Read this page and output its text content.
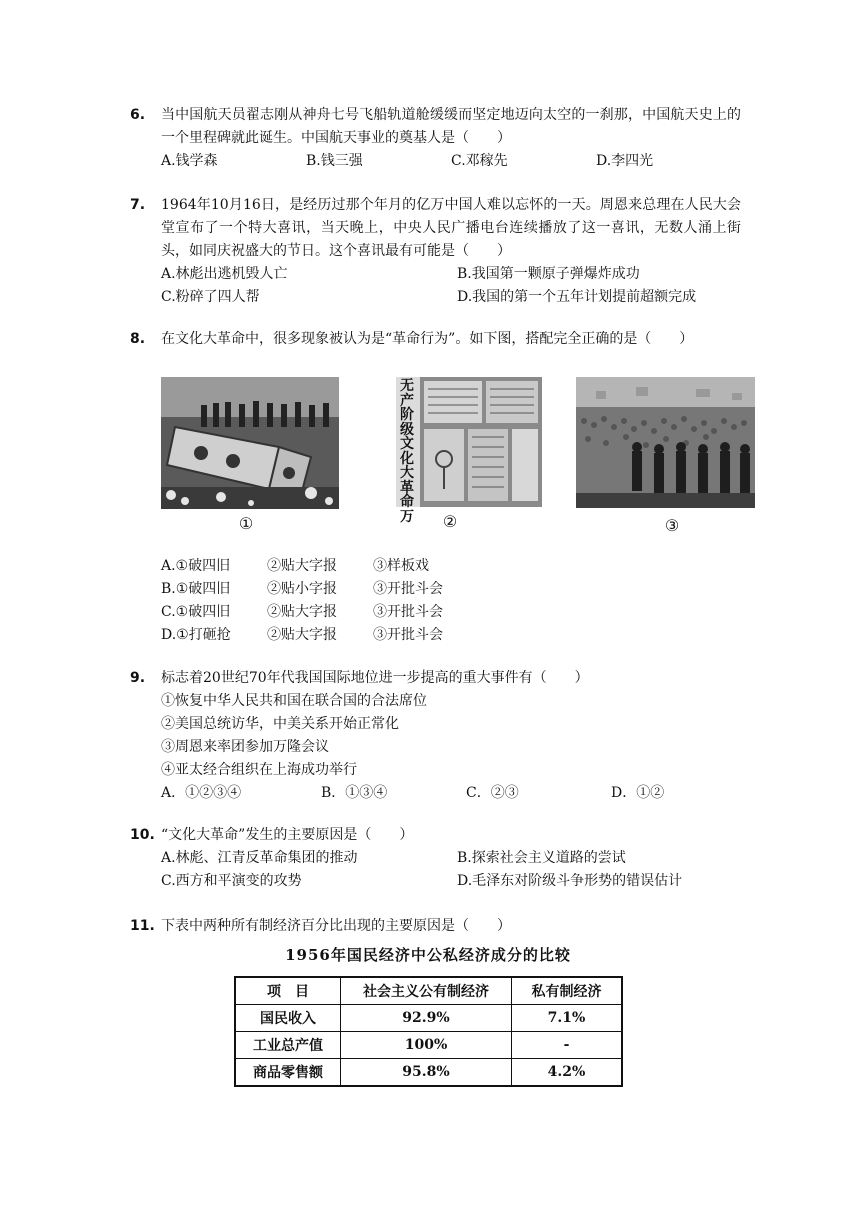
6. 当中国航天员翟志刚从神舟七号飞船轨道舱缓缓而坚定地迈向太空的一刹那，中国航天史上的一个里程碑就此诞生。中国航天事业的奠基人是（　　）

A.钱学森	B.钱三强	C.邓稼先	D.李四光
7. 1964年10月16日，是经历过那个年月的亿万中国人难以忘怀的一天。周恩来总理在人民大会堂宣布了一个特大喜讯，当天晚上，中央人民广播电台连续播放了这一喜讯，无数人涌上街头，如同庆祝盛大的节日。这个喜讯最有可能是（　　）

A.林彪出逃机毁人亡	B.我国第一颗原子弹爆炸成功
C.粉碎了四人帮	D.我国的第一个五年计划提前超额完成
8. 在文化大革命中，很多现象被认为是“革命行为”。如下图，搭配完全正确的是（　　）

无产阶级文化大革命万
①	②	③
A.①破四旧	②贴大字报	③样板戏
B.①破四旧	②贴小字报	③开批斗会
C.①破四旧	②贴大字报	③开批斗会
D.①打砸抢	②贴大字报	③开批斗会
9. 标志着20世纪70年代我国国际地位进一步提高的重大事件有（　　）

①恢复中华人民共和国在联合国的合法席位
②美国总统访华，中美关系开始正常化
③周恩来率团参加万隆会议
④亚太经合组织在上海成功举行
A．①②③④	B．①③④	C．②③	D．①②
10. “文化大革命”发生的主要原因是（　　）

A.林彪、江青反革命集团的推动	B.探索社会主义道路的尝试
C.西方和平演变的攻势	D.毛泽东对阶级斗争形势的错误估计
11. 下表中两种所有制经济百分比出现的主要原因是（　　）

1956年国民经济中公私经济成分的比较
项　目	社会主义公有制经济	私有制经济
国民收入	92.9%	7.1%
工业总产值	100%	-
商品零售额	95.8%	4.2%
